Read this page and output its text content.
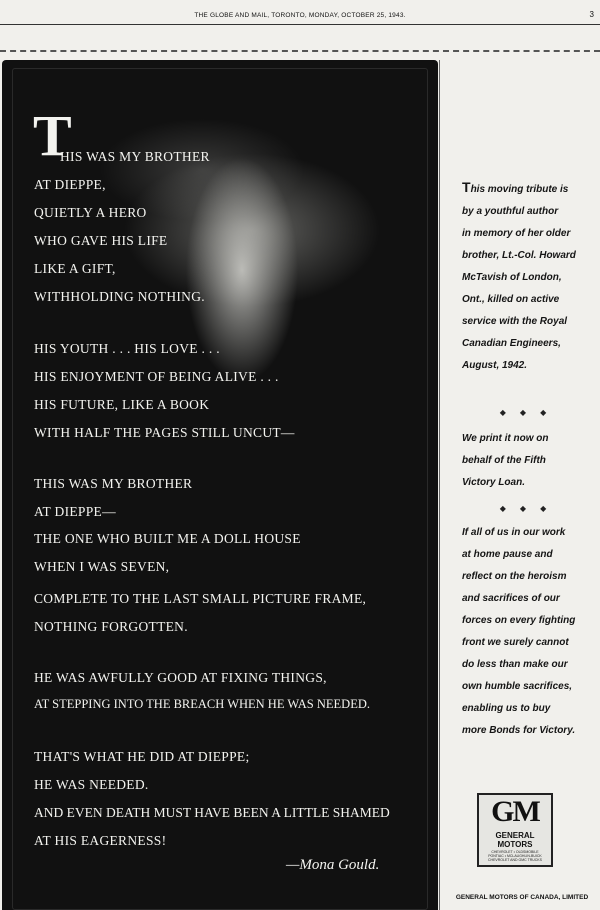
THE GLOBE AND MAIL, TORONTO, MONDAY, OCTOBER 25, 1943.	3
T
HIS WAS MY BROTHER
AT DIEPPE,
QUIETLY A HERO
WHO GAVE HIS LIFE
LIKE A GIFT,
WITHHOLDING NOTHING.
HIS YOUTH . . . HIS LOVE . . .
HIS ENJOYMENT OF BEING ALIVE . . .
HIS FUTURE, LIKE A BOOK
WITH HALF THE PAGES STILL UNCUT—
THIS WAS MY BROTHER
AT DIEPPE—
THE ONE WHO BUILT ME A DOLL HOUSE
WHEN I WAS SEVEN,
COMPLETE TO THE LAST SMALL PICTURE FRAME,
NOTHING FORGOTTEN.
HE WAS AWFULLY GOOD AT FIXING THINGS,
AT STEPPING INTO THE BREACH WHEN HE WAS NEEDED.
THAT'S WHAT HE DID AT DIEPPE;
HE WAS NEEDED.
AND EVEN DEATH MUST HAVE BEEN A LITTLE SHAMED
AT HIS EAGERNESS!
—Mona Gould.
This moving tribute is
by a youthful author
in memory of her older
brother, Lt.-Col. Howard
McTavish of London,
Ont., killed on active
service with the Royal
Canadian Engineers,
August, 1942.
◆ ◆ ◆
We print it now on
behalf of the Fifth
Victory Loan.
◆ ◆ ◆
If all of us in our work
at home pause and
reflect on the heroism
and sacrifices of our
forces on every fighting
front we surely cannot
do less than make our
own humble sacrifices,
enabling us to buy
more Bonds for Victory.
GM
GENERAL
MOTORS
CHEVROLET • OLDSMOBILE
PONTIAC • MCLAUGHLIN-BUICK
CHEVROLET AND GMC TRUCKS
GENERAL MOTORS OF CANADA, LIMITED
